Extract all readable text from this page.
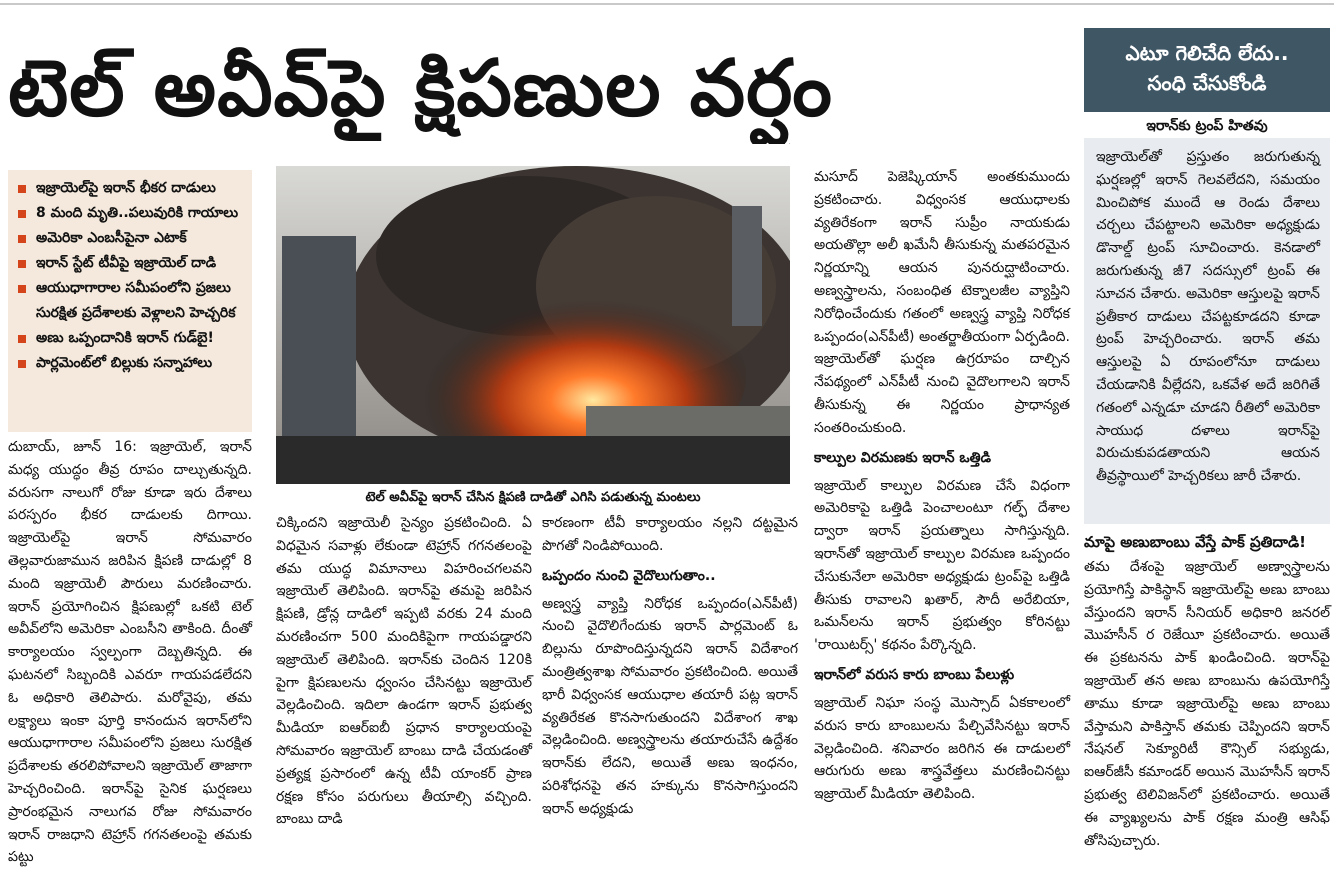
టెల్ అవీవ్‌పై క్షిపణుల వర్షం	ఎటూ గెలిచేది లేదు..
సంధి చేసుకోండి
ఇరాన్‌కు ట్రంప్ హితవు
ఇజ్రాయెల్‌తో ప్రస్తుతం జరుగుతున్న ఘర్షణల్లో ఇరాన్ గెలవలేదని, సమయం మించిపోక ముందే ఆ రెండు దేశాలు చర్చలు చేపట్టాలని అమెరికా అధ్యక్షుడు డొనాల్డ్ ట్రంప్ సూచించారు. కెనడాలో జరుగుతున్న జీ7 సదస్సులో ట్రంప్ ఈ సూచన చేశారు. అమెరికా ఆస్తులపై ఇరాన్ ప్రతీకార దాడులు చేపట్టకూడదని కూడా ట్రంప్ హెచ్చరించారు. ఇరాన్ తమ ఆస్తులపై ఏ రూపంలోనూ దాడులు చేయడానికి వీల్లేదని, ఒకవేళ అదే జరిగితే గతంలో ఎన్నడూ చూడని రీతిలో అమెరికా సాయుధ దళాలు ఇరాన్‌పై విరుచుకుపడతాయని ఆయన తీవ్రస్థాయిలో హెచ్చరికలు జారీ చేశారు.
ఇజ్రాయెల్‌పై ఇరాన్ భీకర దాడులు
8 మంది మృతి..పలువురికి గాయాలు
అమెరికా ఎంబసీపైనా ఎటాక్
ఇరాన్ స్టేట్ టీవీపై ఇజ్రాయెల్ దాడి
ఆయుధాగారాల సమీపంలోని ప్రజలు సురక్షిత ప్రదేశాలకు వెళ్లాలని హెచ్చరిక
అణు ఒప్పందానికి ఇరాన్ గుడ్‌బై!
పార్లమెంట్‌లో బిల్లుకు సన్నాహాలు
టెల్ అవీవ్‌పై ఇరాన్ చేసిన క్షిపణి దాడితో ఎగిసి పడుతున్న మంటలు
దుబాయ్, జూన్ 16: ఇజ్రాయెల్, ఇరాన్ మధ్య యుద్ధం తీవ్ర రూపం దాల్చుతున్నది. వరుసగా నాలుగో రోజు కూడా ఇరు దేశాలు పరస్పరం భీకర దాడులకు దిగాయి. ఇజ్రాయెల్‌పై ఇరాన్ సోమవారం తెల్లవారుజామున జరిపిన క్షిపణి దాడుల్లో 8 మంది ఇజ్రాయెలీ పౌరులు మరణించారు. ఇరాన్ ప్రయోగించిన క్షిపణుల్లో ఒకటి టెల్ అవీవ్‌లోని అమెరికా ఎంబసీని తాకింది. దీంతో కార్యాలయం స్వల్పంగా దెబ్బతిన్నది. ఈ ఘటనలో సిబ్బందికి ఎవరూ గాయపడలేదని ఓ అధికారి తెలిపారు. మరోవైపు, తమ లక్ష్యాలు ఇంకా పూర్తి కానందున ఇరాన్‌లోని ఆయుధాగారాల సమీపంలోని ప్రజలు సురక్షిత ప్రదేశాలకు తరలిపోవాలని ఇజ్రాయెల్ తాజాగా హెచ్చరించింది. ఇరాన్‌పై సైనిక ఘర్షణలు ప్రారంభమైన నాలుగవ రోజు సోమవారం ఇరాన్ రాజధాని టెహ్రాన్ గగనతలంపై తమకు పట్టు
చిక్కిందని ఇజ్రాయెలీ సైన్యం ప్రకటించింది. ఏ విధమైన సవాళ్లు లేకుండా టెహ్రాన్ గగనతలంపై తమ యుద్ధ విమానాలు విహరించగలవని ఇజ్రాయెల్ తెలిపింది. ఇరాన్‌పై తమపై జరిపిన క్షిపణి, డ్రోన్ల దాడిలో ఇప్పటి వరకు 24 మంది మరణించగా 500 మందికిపైగా గాయపడ్డారని ఇజ్రాయెల్ తెలిపింది. ఇరాన్‌కు చెందిన 120కి పైగా క్షిపణులను ధ్వంసం చేసినట్టు ఇజ్రాయెల్ వెల్లడించింది. ఇదిలా ఉండగా ఇరాన్ ప్రభుత్వ మీడియా ఐఆర్‌ఐబీ ప్రధాన కార్యాలయంపై సోమవారం ఇజ్రాయెల్ బాంబు దాడి చేయడంతో ప్రత్యక్ష ప్రసారంలో ఉన్న టీవీ యాంకర్ ప్రాణ రక్షణ కోసం పరుగులు తీయాల్సి వచ్చింది. బాంబు దాడి
కారణంగా టీవీ కార్యాలయం నల్లని దట్టమైన పొగతో నిండిపోయింది.
ఒప్పందం నుంచి వైదొలుగుతాం..
అణ్వస్త్ర వ్యాప్తి నిరోధక ఒప్పందం(ఎన్‌పీటీ) నుంచి వైదొలిగేందుకు ఇరాన్ పార్లమెంట్ ఓ బిల్లును రూపొందిస్తున్నదని ఇరాన్ విదేశాంగ మంత్రిత్వశాఖ సోమవారం ప్రకటించింది. అయితే భారీ విధ్వంసక ఆయుధాల తయారీ పట్ల ఇరాన్ వ్యతిరేకత కొనసాగుతుందని విదేశాంగ శాఖ వెల్లడించింది. అణ్వస్త్రాలను తయారుచేసే ఉద్దేశం ఇరాన్‌కు లేదని, అయితే అణు ఇంధనం, పరిశోధనపై తన హక్కును కొనసాగిస్తుందని ఇరాన్ అధ్యక్షుడు
మసూద్ పెజెష్కియాన్ అంతకుముందు ప్రకటించారు. విధ్వంసక ఆయుధాలకు వ్యతిరేకంగా ఇరాన్ సుప్రీం నాయకుడు అయతొల్లా అలీ ఖమేనీ తీసుకున్న మతపరమైన నిర్ణయాన్ని ఆయన పునరుద్ఘాటించారు. అణ్వస్త్రాలను, సంబంధిత టెక్నాలజీల వ్యాప్తిని నిరోధించేందుకు గతంలో అణ్వస్త్ర వ్యాప్తి నిరోధక ఒప్పందం(ఎన్‌పీటీ) అంతర్జాతీయంగా ఏర్పడింది. ఇజ్రాయెల్‌తో ఘర్షణ ఉగ్రరూపం దాల్చిన నేపథ్యంలో ఎన్‌పీటీ నుంచి వైదొలగాలని ఇరాన్ తీసుకున్న ఈ నిర్ణయం ప్రాధాన్యత సంతరించుకుంది.
కాల్పుల విరమణకు ఇరాన్ ఒత్తిడి
ఇజ్రాయెల్ కాల్పుల విరమణ చేసే విధంగా అమెరికాపై ఒత్తిడి పెంచాలంటూ గల్ఫ్ దేశాల ద్వారా ఇరాన్ ప్రయత్నాలు సాగిస్తున్నది. ఇరాన్‌తో ఇజ్రాయెల్ కాల్పుల విరమణ ఒప్పందం చేసుకునేలా అమెరికా అధ్యక్షుడు ట్రంప్‌పై ఒత్తిడి తీసుకు రావాలని ఖతార్, సౌదీ అరేబియా, ఒమన్‌లను ఇరాన్ ప్రభుత్వం కోరినట్టు 'రాయిటర్స్' కథనం పేర్కొన్నది.
ఇరాన్‌లో వరుస కారు బాంబు పేలుళ్లు
ఇజ్రాయెల్ నిఘా సంస్థ మొస్సాద్ ఏకకాలంలో వరుస కారు బాంబులను పేల్చివేసినట్టు ఇరాన్ వెల్లడించింది. శనివారం జరిగిన ఈ దాడులలో ఆరుగురు అణు శాస్త్రవేత్తలు మరణించినట్టు ఇజ్రాయెల్ మీడియా తెలిపింది.
మాపై అణుబాంబు వేస్తే పాక్ ప్రతిదాడి!
తమ దేశంపై ఇజ్రాయెల్ అణ్వాస్త్రాలను ప్రయోగిస్తే పాకిస్థాన్ ఇజ్రాయెల్‌పై అణు బాంబు వేస్తుందని ఇరాన్ సీనియర్ అధికారి జనరల్ మొహసీన్ ర రెజేయీ ప్రకటించారు. అయితే ఈ ప్రకటనను పాక్ ఖండించింది. ఇరాన్‌పై ఇజ్రాయెల్ తన అణు బాంబును ఉపయోగిస్తే తాము కూడా ఇజ్రాయెల్‌పై అణు బాంబు వేస్తామని పాకిస్తాన్ తమకు చెప్పిందని ఇరాన్ నేషనల్ సెక్యూరిటీ కౌన్సిల్ సభ్యుడు, ఐఆర్‌జీసీ కమాండర్ అయిన మొహసీన్ ఇరాన్ ప్రభుత్వ టెలివిజన్‌లో ప్రకటించారు. అయితే ఈ వ్యాఖ్యలను పాక్ రక్షణ మంత్రి ఆసిఫ్ తోసిపుచ్చారు.
